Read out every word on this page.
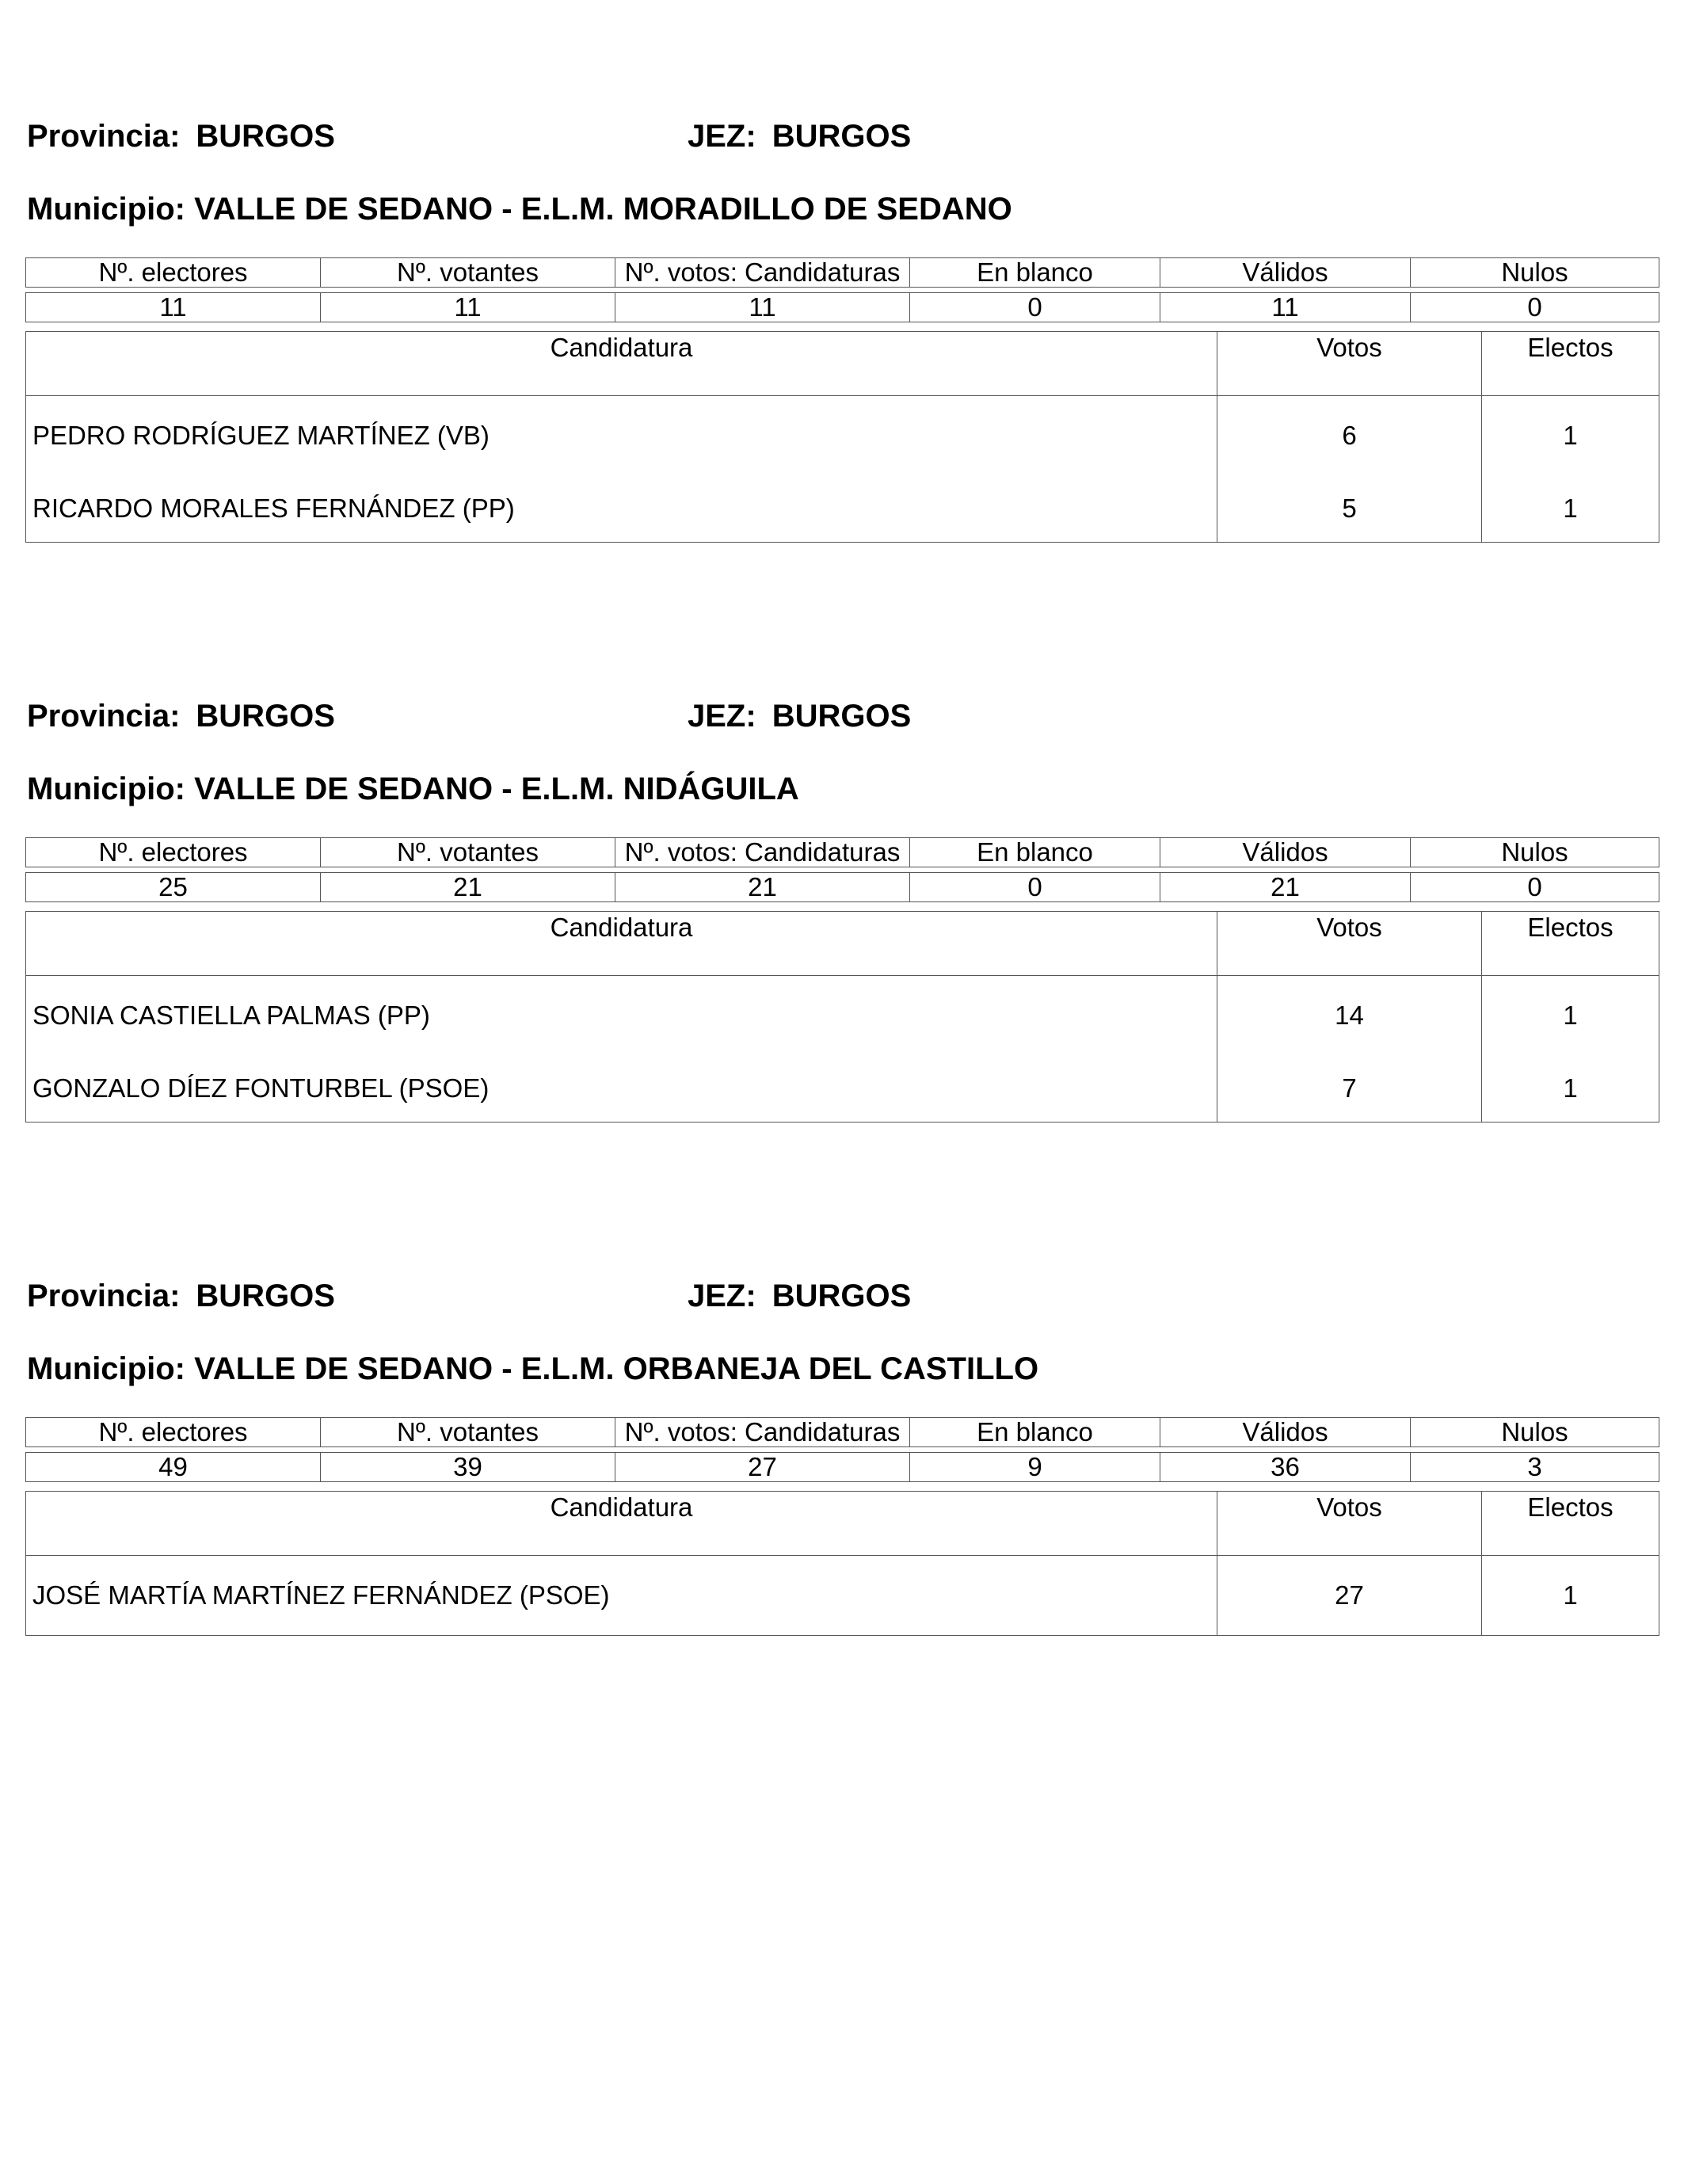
Provincia: BURGOS	JEZ: BURGOS
Municipio: VALLE DE SEDANO - E.L.M. MORADILLO DE SEDANO
Nº. electores	Nº. votantes	Nº. votos: Candidaturas	En blanco	Válidos	Nulos

11	11	11	0	11	0
Candidatura	Votos	Electos
PEDRO RODRÍGUEZ MARTÍNEZ (VB)	6	1
RICARDO MORALES FERNÁNDEZ (PP)	5	1
Provincia: BURGOS	JEZ: BURGOS
Municipio: VALLE DE SEDANO - E.L.M. NIDÁGUILA
Nº. electores	Nº. votantes	Nº. votos: Candidaturas	En blanco	Válidos	Nulos

25	21	21	0	21	0
Candidatura	Votos	Electos
SONIA CASTIELLA PALMAS (PP)	14	1
GONZALO DÍEZ FONTURBEL (PSOE)	7	1
Provincia: BURGOS	JEZ: BURGOS
Municipio: VALLE DE SEDANO - E.L.M. ORBANEJA DEL CASTILLO
Nº. electores	Nº. votantes	Nº. votos: Candidaturas	En blanco	Válidos	Nulos

49	39	27	9	36	3
Candidatura	Votos	Electos
JOSÉ MARTÍA MARTÍNEZ FERNÁNDEZ (PSOE)	27	1
